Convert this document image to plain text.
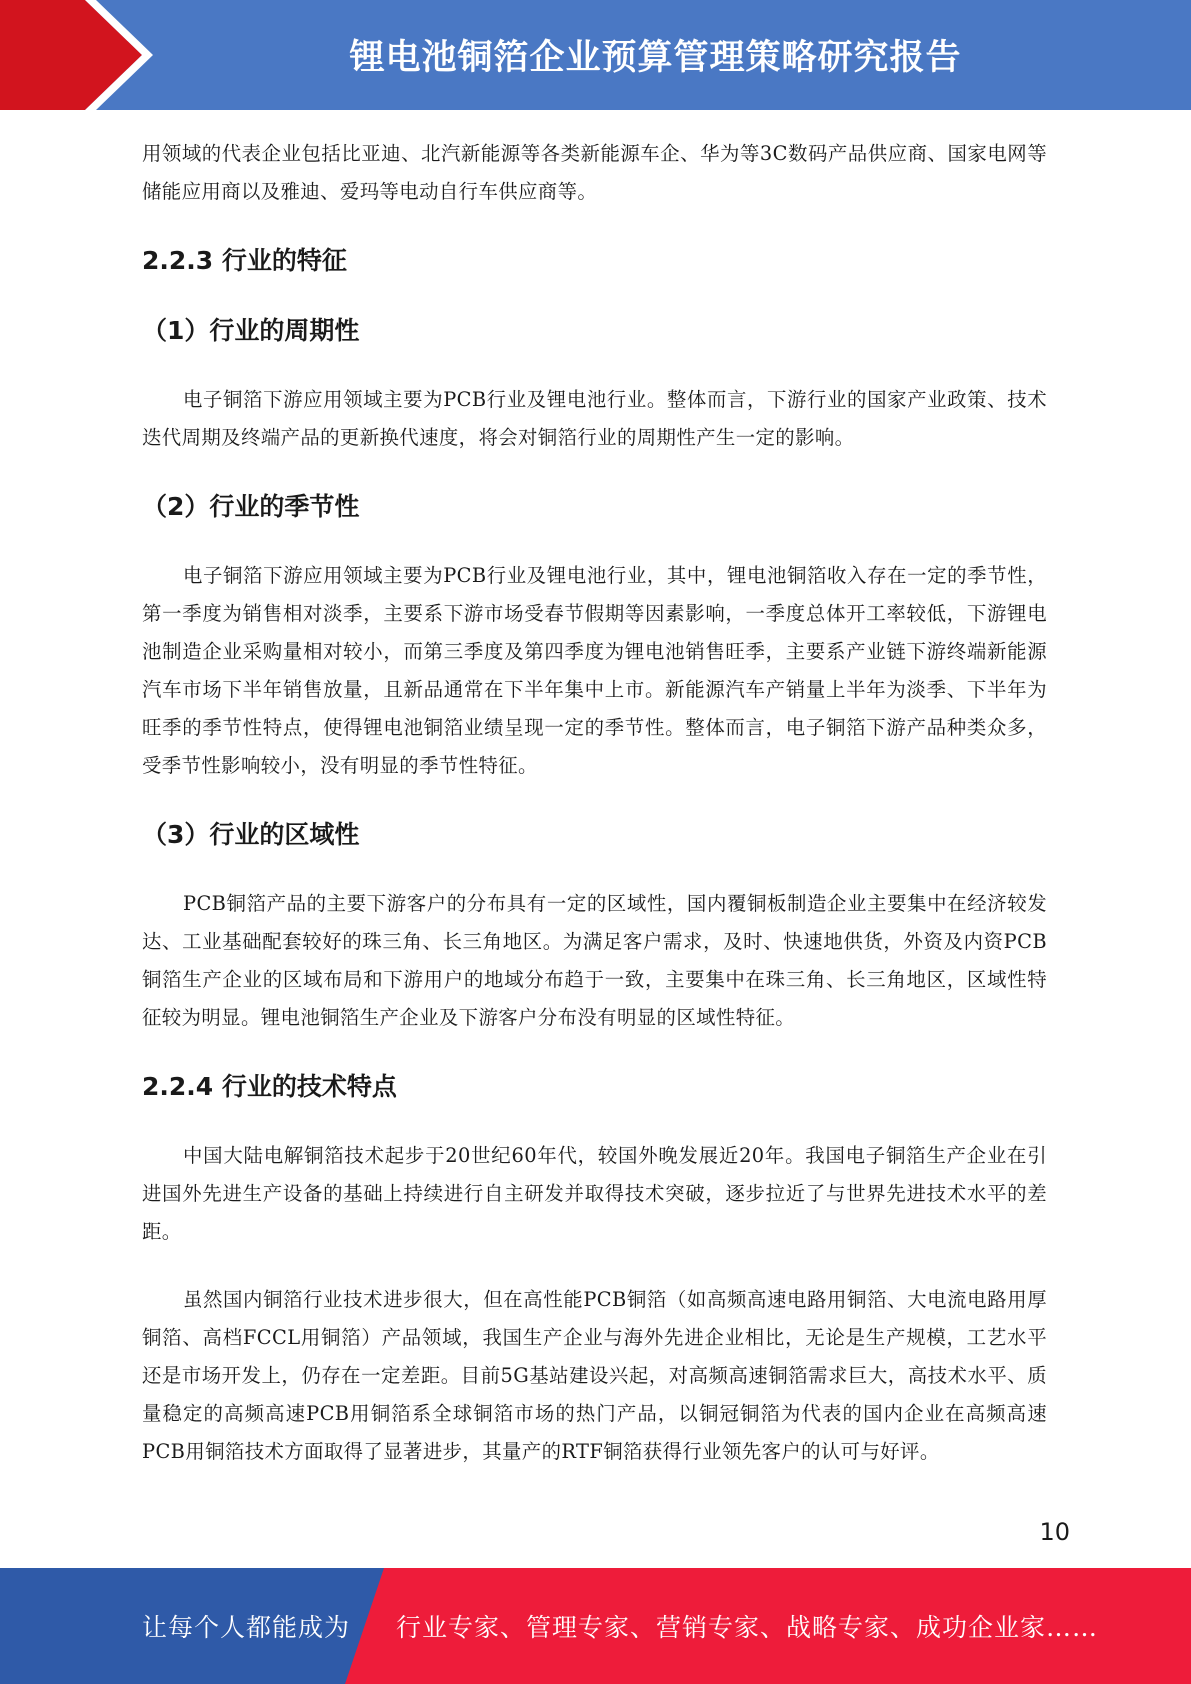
锂电池铜箔企业预算管理策略研究报告

用领域的代表企业包括比亚迪、北汽新能源等各类新能源车企、华为等3C数码产品供应商、国家电网等储能应用商以及雅迪、爱玛等电动自行车供应商等。

2.2.3 行业的特征
（1）行业的周期性

电子铜箔下游应用领域主要为PCB行业及锂电池行业。整体而言，下游行业的国家产业政策、技术迭代周期及终端产品的更新换代速度，将会对铜箔行业的周期性产生一定的影响。

（2）行业的季节性

电子铜箔下游应用领域主要为PCB行业及锂电池行业，其中，锂电池铜箔收入存在一定的季节性，第一季度为销售相对淡季，主要系下游市场受春节假期等因素影响，一季度总体开工率较低，下游锂电池制造企业采购量相对较小，而第三季度及第四季度为锂电池销售旺季，主要系产业链下游终端新能源汽车市场下半年销售放量，且新品通常在下半年集中上市。新能源汽车产销量上半年为淡季、下半年为旺季的季节性特点，使得锂电池铜箔业绩呈现一定的季节性。整体而言，电子铜箔下游产品种类众多，受季节性影响较小，没有明显的季节性特征。

（3）行业的区域性

PCB铜箔产品的主要下游客户的分布具有一定的区域性，国内覆铜板制造企业主要集中在经济较发达、工业基础配套较好的珠三角、长三角地区。为满足客户需求，及时、快速地供货，外资及内资PCB铜箔生产企业的区域布局和下游用户的地域分布趋于一致，主要集中在珠三角、长三角地区，区域性特征较为明显。锂电池铜箔生产企业及下游客户分布没有明显的区域性特征。

2.2.4 行业的技术特点

中国大陆电解铜箔技术起步于20世纪60年代，较国外晚发展近20年。我国电子铜箔生产企业在引进国外先进生产设备的基础上持续进行自主研发并取得技术突破，逐步拉近了与世界先进技术水平的差距。

虽然国内铜箔行业技术进步很大，但在高性能PCB铜箔（如高频高速电路用铜箔、大电流电路用厚铜箔、高档FCCL用铜箔）产品领域，我国生产企业与海外先进企业相比，无论是生产规模，工艺水平还是市场开发上，仍存在一定差距。目前5G基站建设兴起，对高频高速铜箔需求巨大，高技术水平、质量稳定的高频高速PCB用铜箔系全球铜箔市场的热门产品，以铜冠铜箔为代表的国内企业在高频高速PCB用铜箔技术方面取得了显著进步，其量产的RTF铜箔获得行业领先客户的认可与好评。

10
让每个人都能成为 行业专家、管理专家、营销专家、战略专家、成功企业家……
